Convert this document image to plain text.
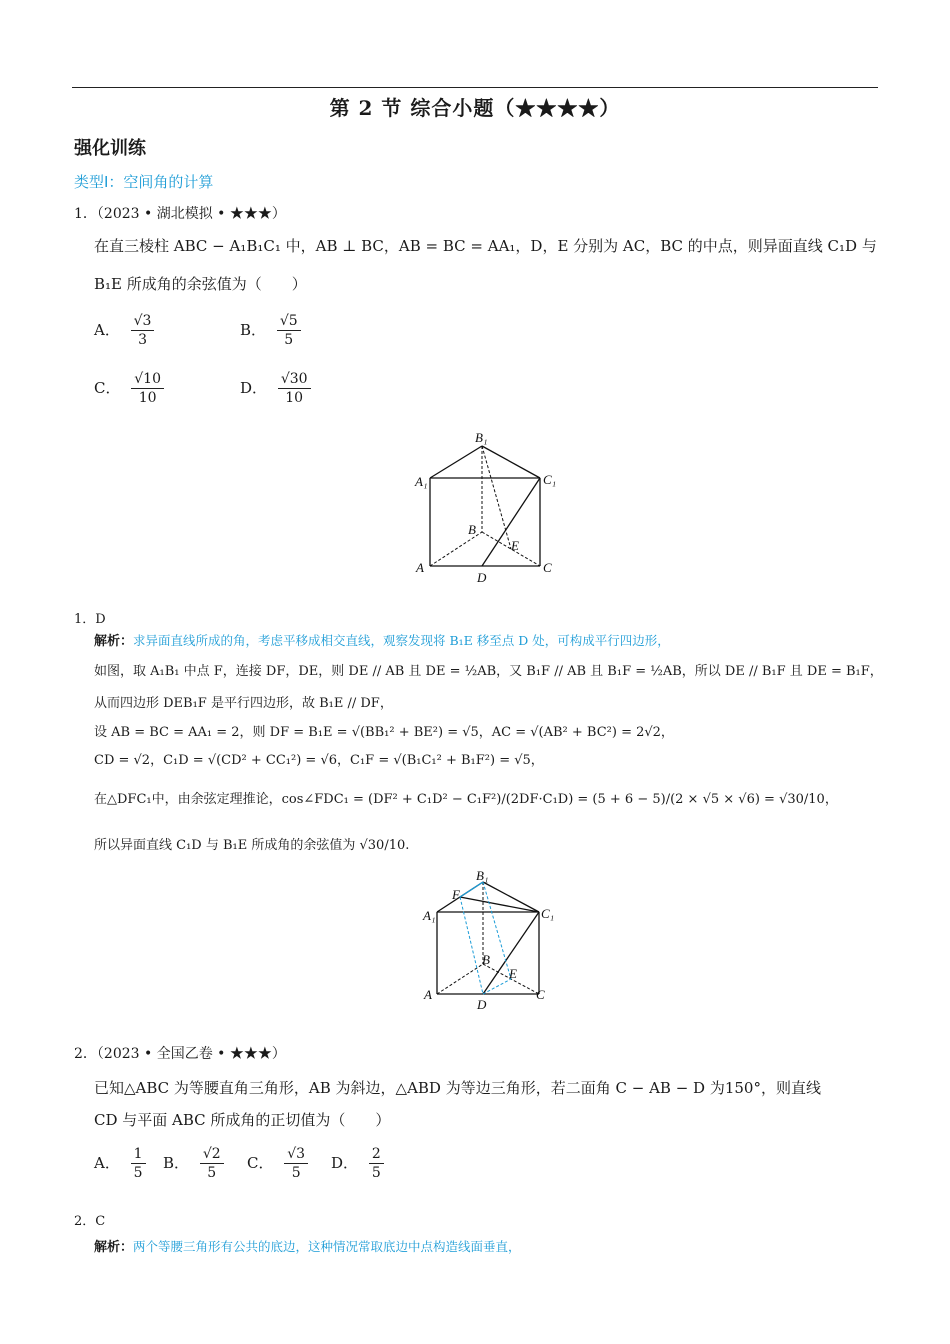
第 2 节 综合小题（★★★★）
强化训练
类型Ⅰ：空间角的计算
1．（2023 • 湖北模拟 • ★★★）
在直三棱柱 ABC − A₁B₁C₁ 中，AB ⊥ BC，AB = BC = AA₁，D，E 分别为 AC，BC 的中点，则异面直线 C₁D 与
B₁E 所成角的余弦值为（　　）
A． $\frac{√3}{3}$	B． $\frac{√5}{5}$
C． $\frac{√10}{10}$	D． $\frac{√30}{10}$
B₁
A₁	C₁
B
E
A
D
C
1．D
解析：求异面直线所成的角，考虑平移成相交直线，观察发现将 B₁E 移至点 D 处，可构成平行四边形，
如图，取 A₁B₁ 中点 F，连接 DF，DE，则 DE // AB 且 DE = ½AB，又 B₁F // AB 且 B₁F = ½AB，所以 DE // B₁F 且 DE = B₁F，
从而四边形 DEB₁F 是平行四边形，故 B₁E // DF，
设 AB = BC = AA₁ = 2，则 DF = B₁E = √(BB₁² + BE²) = √5，AC = √(AB² + BC²) = 2√2，
CD = √2，C₁D = √(CD² + CC₁²) = √6，C₁F = √(B₁C₁² + B₁F²) = √5，
在△DFC₁中，由余弦定理推论，cos∠FDC₁ = (DF² + C₁D² − C₁F²)/(2DF·C₁D) = (5 + 6 − 5)/(2 × √5 × √6) = √30/10，
所以异面直线 C₁D 与 B₁E 所成角的余弦值为 √30/10.
F
B₁
A₁	C₁
B
E
A
D
C
2．（2023 • 全国乙卷 • ★★★）
已知△ABC 为等腰直角三角形，AB 为斜边，△ABD 为等边三角形，若二面角 C − AB − D 为150°，则直线
CD 与平面 ABC 所成角的正切值为（　　）
A． $\frac{1}{5}$ B． $\frac{√2}{5}$ C． $\frac{√3}{5}$ D． $\frac{2}{5}$
2．C
解析：两个等腰三角形有公共的底边，这种情况常取底边中点构造线面垂直，
